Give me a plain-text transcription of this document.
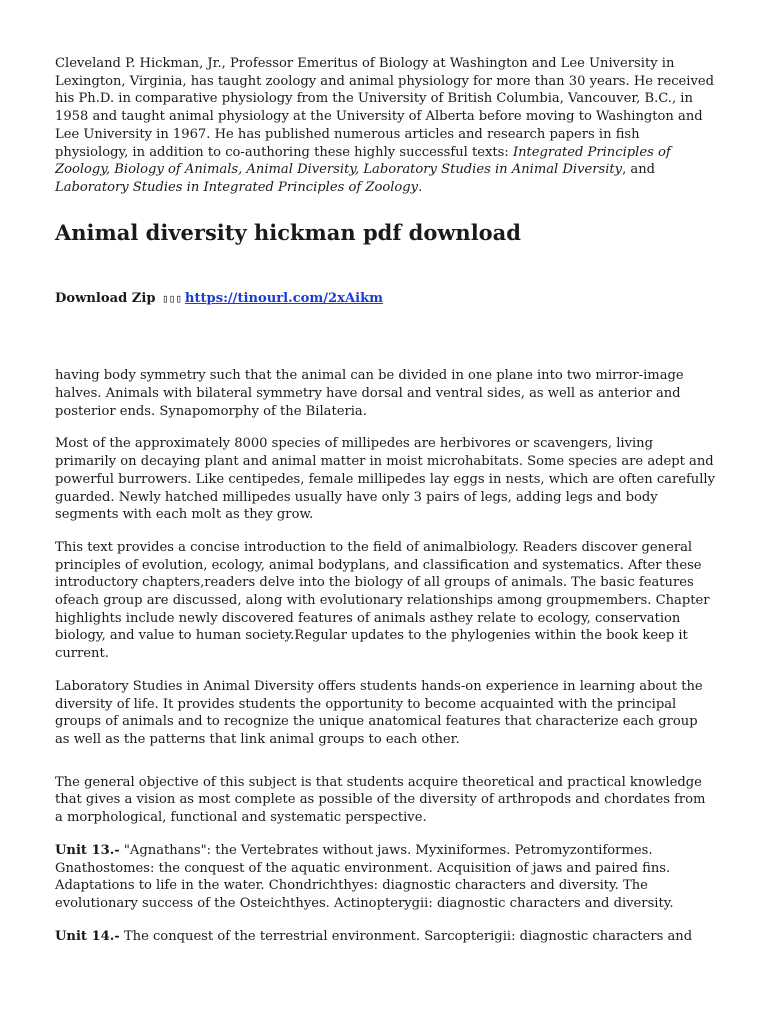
Cleveland P. Hickman, Jr., Professor Emeritus of Biology at Washington and Lee University in Lexington, Virginia, has taught zoology and animal physiology for more than 30 years. He received his Ph.D. in comparative physiology from the University of British Columbia, Vancouver, B.C., in 1958 and taught animal physiology at the University of Alberta before moving to Washington and Lee University in 1967. He has published numerous articles and research papers in fish physiology, in addition to co-authoring these highly successful texts: Integrated Principles of Zoology, Biology of Animals, Animal Diversity, Laboratory Studies in Animal Diversity, and Laboratory Studies in Integrated Principles of Zoology.

Animal diversity hickman pdf download

Download Zip ▯▯▯ https://tinourl.com/2xAikm

having body symmetry such that the animal can be divided in one plane into two mirror-image halves. Animals with bilateral symmetry have dorsal and ventral sides, as well as anterior and posterior ends. Synapomorphy of the Bilateria.

Most of the approximately 8000 species of millipedes are herbivores or scavengers, living primarily on decaying plant and animal matter in moist microhabitats. Some species are adept and powerful burrowers. Like centipedes, female millipedes lay eggs in nests, which are often carefully guarded. Newly hatched millipedes usually have only 3 pairs of legs, adding legs and body segments with each molt as they grow.

This text provides a concise introduction to the field of animalbiology. Readers discover general principles of evolution, ecology, animal bodyplans, and classification and systematics. After these introductory chapters,readers delve into the biology of all groups of animals. The basic features ofeach group are discussed, along with evolutionary relationships among groupmembers. Chapter highlights include newly discovered features of animals asthey relate to ecology, conservation biology, and value to human society.Regular updates to the phylogenies within the book keep it current.

Laboratory Studies in Animal Diversity offers students hands-on experience in learning about the diversity of life. It provides students the opportunity to become acquainted with the principal groups of animals and to recognize the unique anatomical features that characterize each group as well as the patterns that link animal groups to each other.

The general objective of this subject is that students acquire theoretical and practical knowledge that gives a vision as most complete as possible of the diversity of arthropods and chordates from a morphological, functional and systematic perspective.

Unit 13.- "Agnathans": the Vertebrates without jaws. Myxiniformes. Petromyzontiformes. Gnathostomes: the conquest of the aquatic environment. Acquisition of jaws and paired fins. Adaptations to life in the water. Chondrichthyes: diagnostic characters and diversity. The evolutionary success of the Osteichthyes. Actinopterygii: diagnostic characters and diversity.

Unit 14.- The conquest of the terrestrial environment. Sarcopterigii: diagnostic characters and
